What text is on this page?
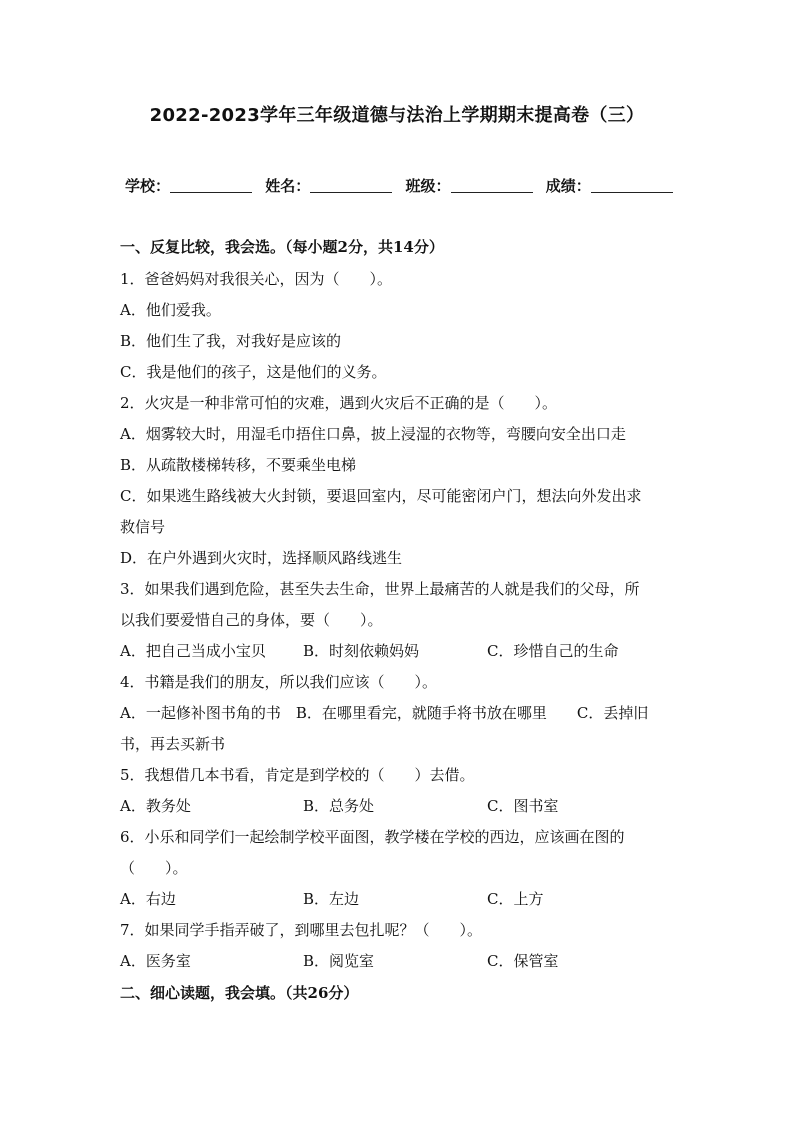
2022-2023学年三年级道德与法治上学期期末提高卷（三）
学校：	姓名：	班级：	成绩：
一、反复比较，我会选。（每小题2分，共14分）
1．爸爸妈妈对我很关心，因为（　　）。
A．他们爱我。
B．他们生了我，对我好是应该的
C．我是他们的孩子，这是他们的义务。
2．火灾是一种非常可怕的灾难，遇到火灾后不正确的是（　　）。
A．烟雾较大时，用湿毛巾捂住口鼻，披上浸湿的衣物等，弯腰向安全出口走
B．从疏散楼梯转移，不要乘坐电梯
C．如果逃生路线被大火封锁，要退回室内，尽可能密闭户门，想法向外发出求
救信号
D．在户外遇到火灾时，选择顺风路线逃生
3．如果我们遇到危险，甚至失去生命，世界上最痛苦的人就是我们的父母，所
以我们要爱惜自己的身体，要（　　）。
A．把自己当成小宝贝 B．时刻依赖妈妈	C．珍惜自己的生命
4．书籍是我们的朋友，所以我们应该（　　）。
A．一起修补图书角的书　B．在哪里看完，就随手将书放在哪里　　C．丢掉旧
书，再去买新书
5．我想借几本书看，肯定是到学校的（　　）去借。
A．教务处	B．总务处	C．图书室
6．小乐和同学们一起绘制学校平面图，教学楼在学校的西边，应该画在图的
（　　）。
A．右边	B．左边	C．上方
7．如果同学手指弄破了，到哪里去包扎呢？（　　）。
A．医务室	B．阅览室	C．保管室
二、细心读题，我会填。（共26分）
